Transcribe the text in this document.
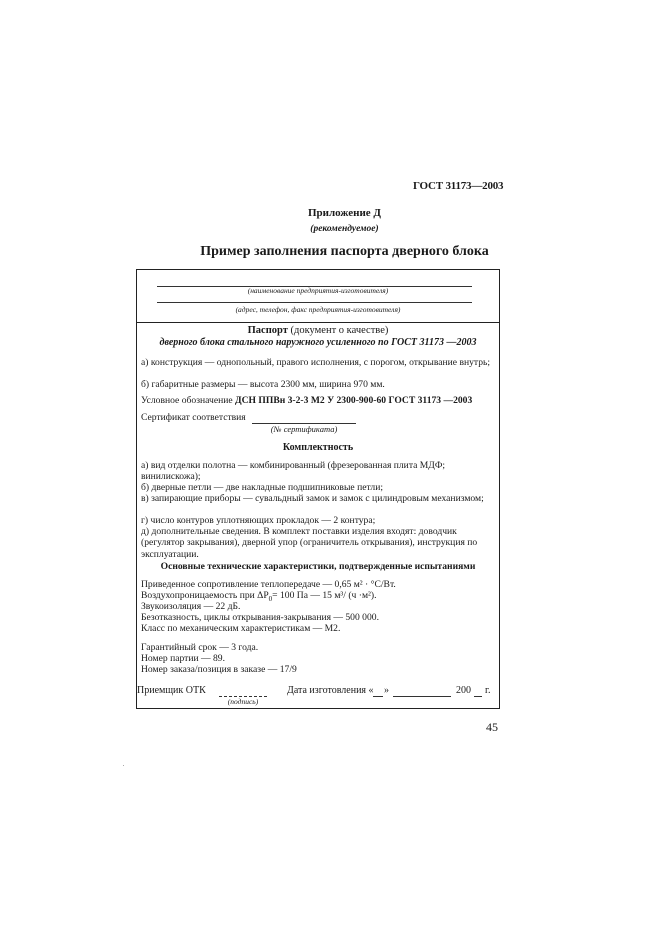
ГОСТ 31173—2003
Приложение Д
(рекомендуемое)
Пример заполнения паспорта дверного блока
(наименование предприятия-изготовителя)
(адрес, телефон, факс предприятия-изготовителя)
Паспорт (документ о качестве)
дверного блока стального наружного усиленного по ГОСТ 31173 —2003
а) конструкция — однопольный, правого исполнения, с порогом, открывание внутрь;
б) габаритные размеры — высота 2300 мм, ширина 970 мм.
Условное обозначение ДСН ППВн 3-2-3 М2 У 2300-900-60 ГОСТ 31173 —2003
Сертификат соответствия
(№ сертификата)
Комплектность
а) вид отделки полотна — комбинированный (фрезерованная плита МДФ; винилискожа);
б) дверные петли — две накладные подшипниковые петли;
в) запирающие приборы — сувальдный замок и замок с цилиндровым механизмом;
г) число контуров уплотняющих прокладок — 2 контура;
д) дополнительные сведения. В комплект поставки изделия входят: доводчик (регулятор закрывания), дверной упор (ограничитель открывания), инструкция по эксплуатации.
Основные технические характеристики, подтвержденные испытаниями
Приведенное сопротивление теплопередаче — 0,65 м² · °С/Вт.
Воздухопроницаемость при $\Delta P_0= 100$ Па — 15 м³/ (ч ·м²).
Звукоизоляция — 22 дБ.
Безотказность, циклы открывания-закрывания — 500 000.
Класс по механическим характеристикам — М2.
Гарантийный срок — 3 года.
Номер партии — 89.
Номер заказа/позиция в заказе — 17/9
Приемщик ОТК
(подпись)
Дата изготовления « »	200 г.
45
